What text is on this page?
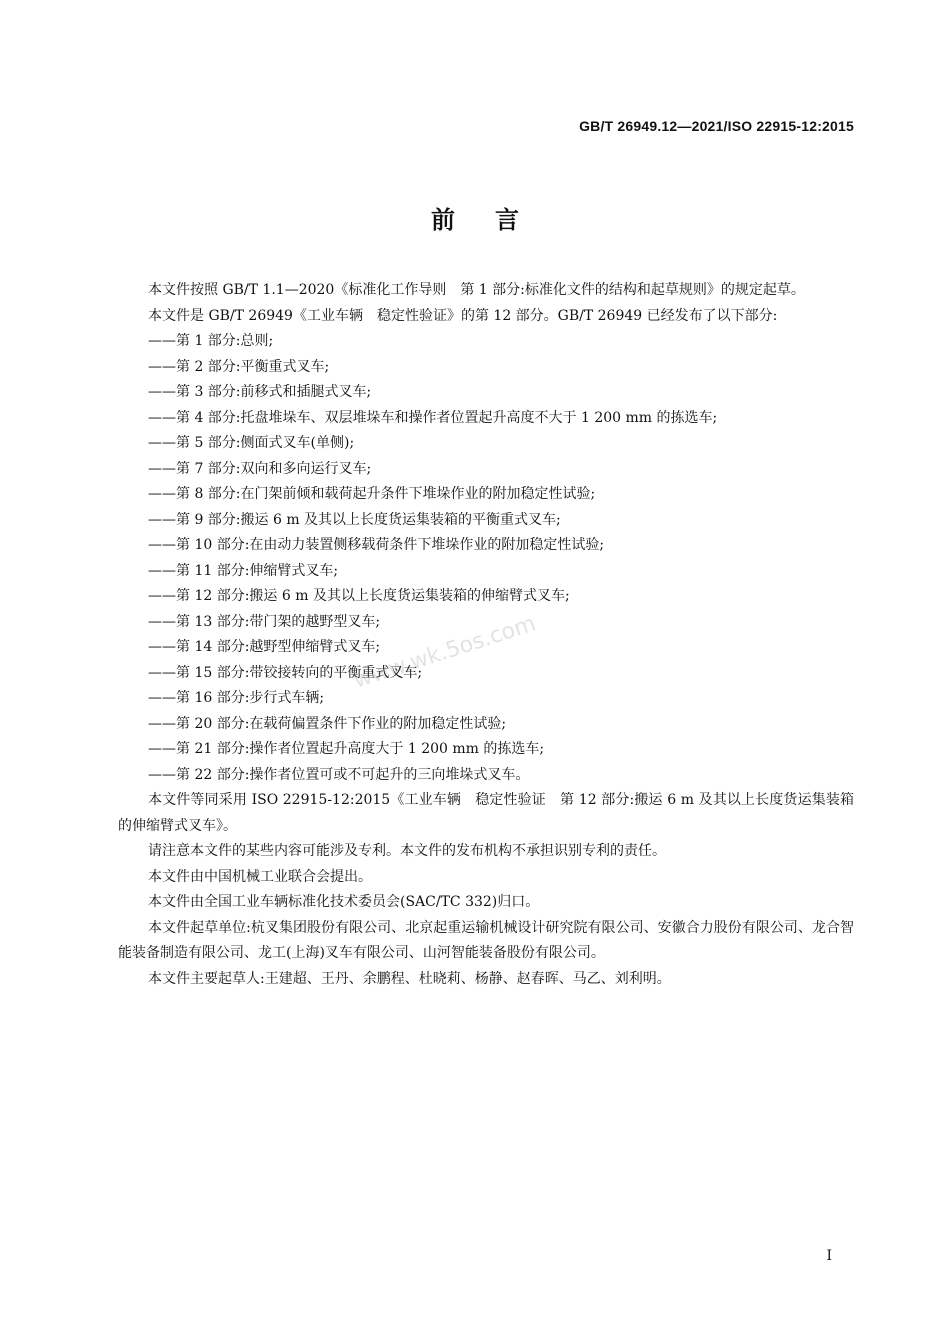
GB/T 26949.12—2021/ISO 22915-12:2015
前言
www.wk.5os.com
本文件按照 GB/T 1.1—2020《标准化工作导则　第 1 部分:标准化文件的结构和起草规则》的规定起草。
本文件是 GB/T 26949《工业车辆　稳定性验证》的第 12 部分。GB/T 26949 已经发布了以下部分:
——第 1 部分:总则;
——第 2 部分:平衡重式叉车;
——第 3 部分:前移式和插腿式叉车;
——第 4 部分:托盘堆垛车、双层堆垛车和操作者位置起升高度不大于 1 200 mm 的拣选车;
——第 5 部分:侧面式叉车(单侧);
——第 7 部分:双向和多向运行叉车;
——第 8 部分:在门架前倾和载荷起升条件下堆垛作业的附加稳定性试验;
——第 9 部分:搬运 6 m 及其以上长度货运集装箱的平衡重式叉车;
——第 10 部分:在由动力装置侧移载荷条件下堆垛作业的附加稳定性试验;
——第 11 部分:伸缩臂式叉车;
——第 12 部分:搬运 6 m 及其以上长度货运集装箱的伸缩臂式叉车;
——第 13 部分:带门架的越野型叉车;
——第 14 部分:越野型伸缩臂式叉车;
——第 15 部分:带铰接转向的平衡重式叉车;
——第 16 部分:步行式车辆;
——第 20 部分:在载荷偏置条件下作业的附加稳定性试验;
——第 21 部分:操作者位置起升高度大于 1 200 mm 的拣选车;
——第 22 部分:操作者位置可或不可起升的三向堆垛式叉车。
本文件等同采用 ISO 22915-12:2015《工业车辆　稳定性验证　第 12 部分:搬运 6 m 及其以上长度货运集装箱的伸缩臂式叉车》。
请注意本文件的某些内容可能涉及专利。本文件的发布机构不承担识别专利的责任。
本文件由中国机械工业联合会提出。
本文件由全国工业车辆标准化技术委员会(SAC/TC 332)归口。
本文件起草单位:杭叉集团股份有限公司、北京起重运输机械设计研究院有限公司、安徽合力股份有限公司、龙合智能装备制造有限公司、龙工(上海)叉车有限公司、山河智能装备股份有限公司。
本文件主要起草人:王建超、王丹、余鹏程、杜晓莉、杨静、赵春晖、马乙、刘利明。
I
